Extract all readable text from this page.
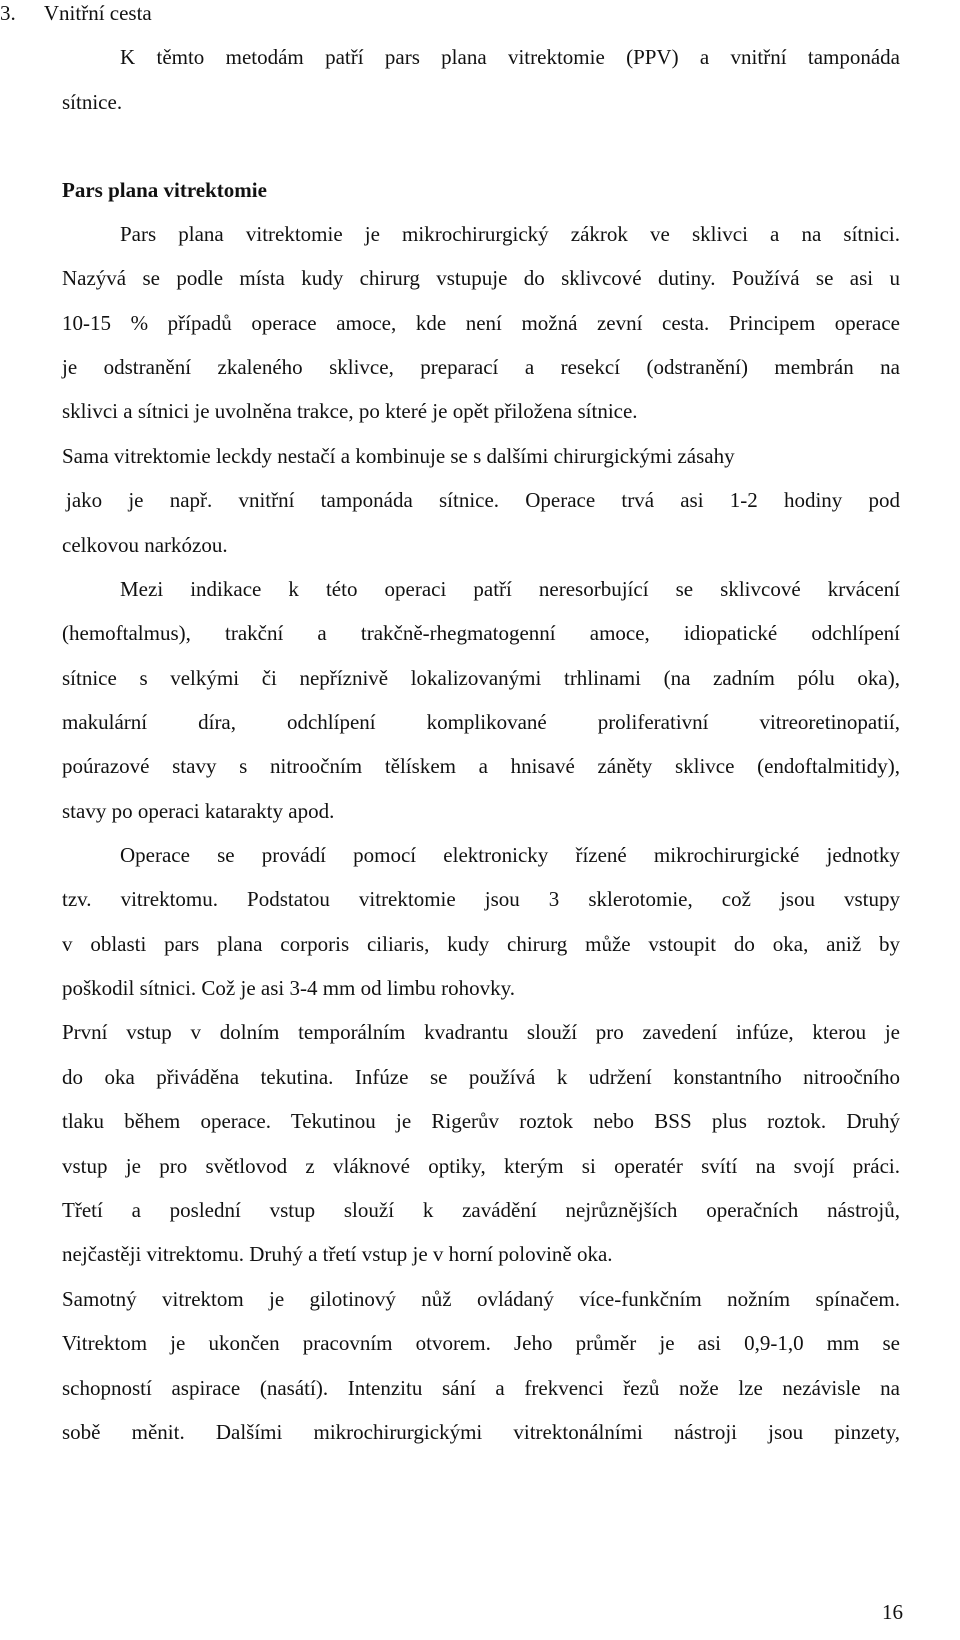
3. Vnitřní cesta
K těmto metodám patří pars plana vitrektomie (PPV) a vnitřní tamponáda
sítnice.
Pars plana vitrektomie
Pars plana vitrektomie je mikrochirurgický zákrok ve sklivci a na sítnici.
Nazývá se podle místa kudy chirurg vstupuje do sklivcové dutiny. Používá se asi u
10-15 % případů operace amoce, kde není možná zevní cesta. Principem operace
je odstranění zkaleného sklivce, preparací a resekcí (odstranění) membrán na
sklivci a sítnici je uvolněna trakce, po které je opět přiložena sítnice.
Sama vitrektomie leckdy nestačí a kombinuje se s dalšími chirurgickými zásahy
jako je např. vnitřní tamponáda sítnice. Operace trvá asi 1-2 hodiny pod
celkovou narkózou.
Mezi indikace k této operaci patří neresorbující se sklivcové krvácení
(hemoftalmus), trakční a trakčně-rhegmatogenní amoce, idiopatické odchlípení
sítnice s velkými či nepříznivě lokalizovanými trhlinami (na zadním pólu oka),
makulární díra, odchlípení komplikované proliferativní vitreoretinopatií,
poúrazové stavy s nitroočním tělískem a hnisavé záněty sklivce (endoftalmitidy),
stavy po operaci katarakty apod.
Operace se provádí pomocí elektronicky řízené mikrochirurgické jednotky
tzv. vitrektomu. Podstatou vitrektomie jsou 3 sklerotomie, což jsou vstupy
v oblasti pars plana corporis ciliaris, kudy chirurg může vstoupit do oka, aniž by
poškodil sítnici. Což je asi 3-4 mm od limbu rohovky.
První vstup v dolním temporálním kvadrantu slouží pro zavedení infúze, kterou je
do oka přiváděna tekutina. Infúze se používá k udržení konstantního nitroočního
tlaku během operace. Tekutinou je Rigerův roztok nebo BSS plus roztok. Druhý
vstup je pro světlovod z vláknové optiky, kterým si operatér svítí na svojí práci.
Třetí a poslední vstup slouží k zavádění nejrůznějších operačních nástrojů,
nejčastěji vitrektomu. Druhý a třetí vstup je v horní polovině oka.
Samotný vitrektom je gilotinový nůž ovládaný více-funkčním nožním spínačem.
Vitrektom je ukončen pracovním otvorem. Jeho průměr je asi 0,9-1,0 mm se
schopností aspirace (nasátí). Intenzitu sání a frekvenci řezů nože lze nezávisle na
sobě měnit. Dalšími mikrochirurgickými vitrektonálními nástroji jsou pinzety,
16
